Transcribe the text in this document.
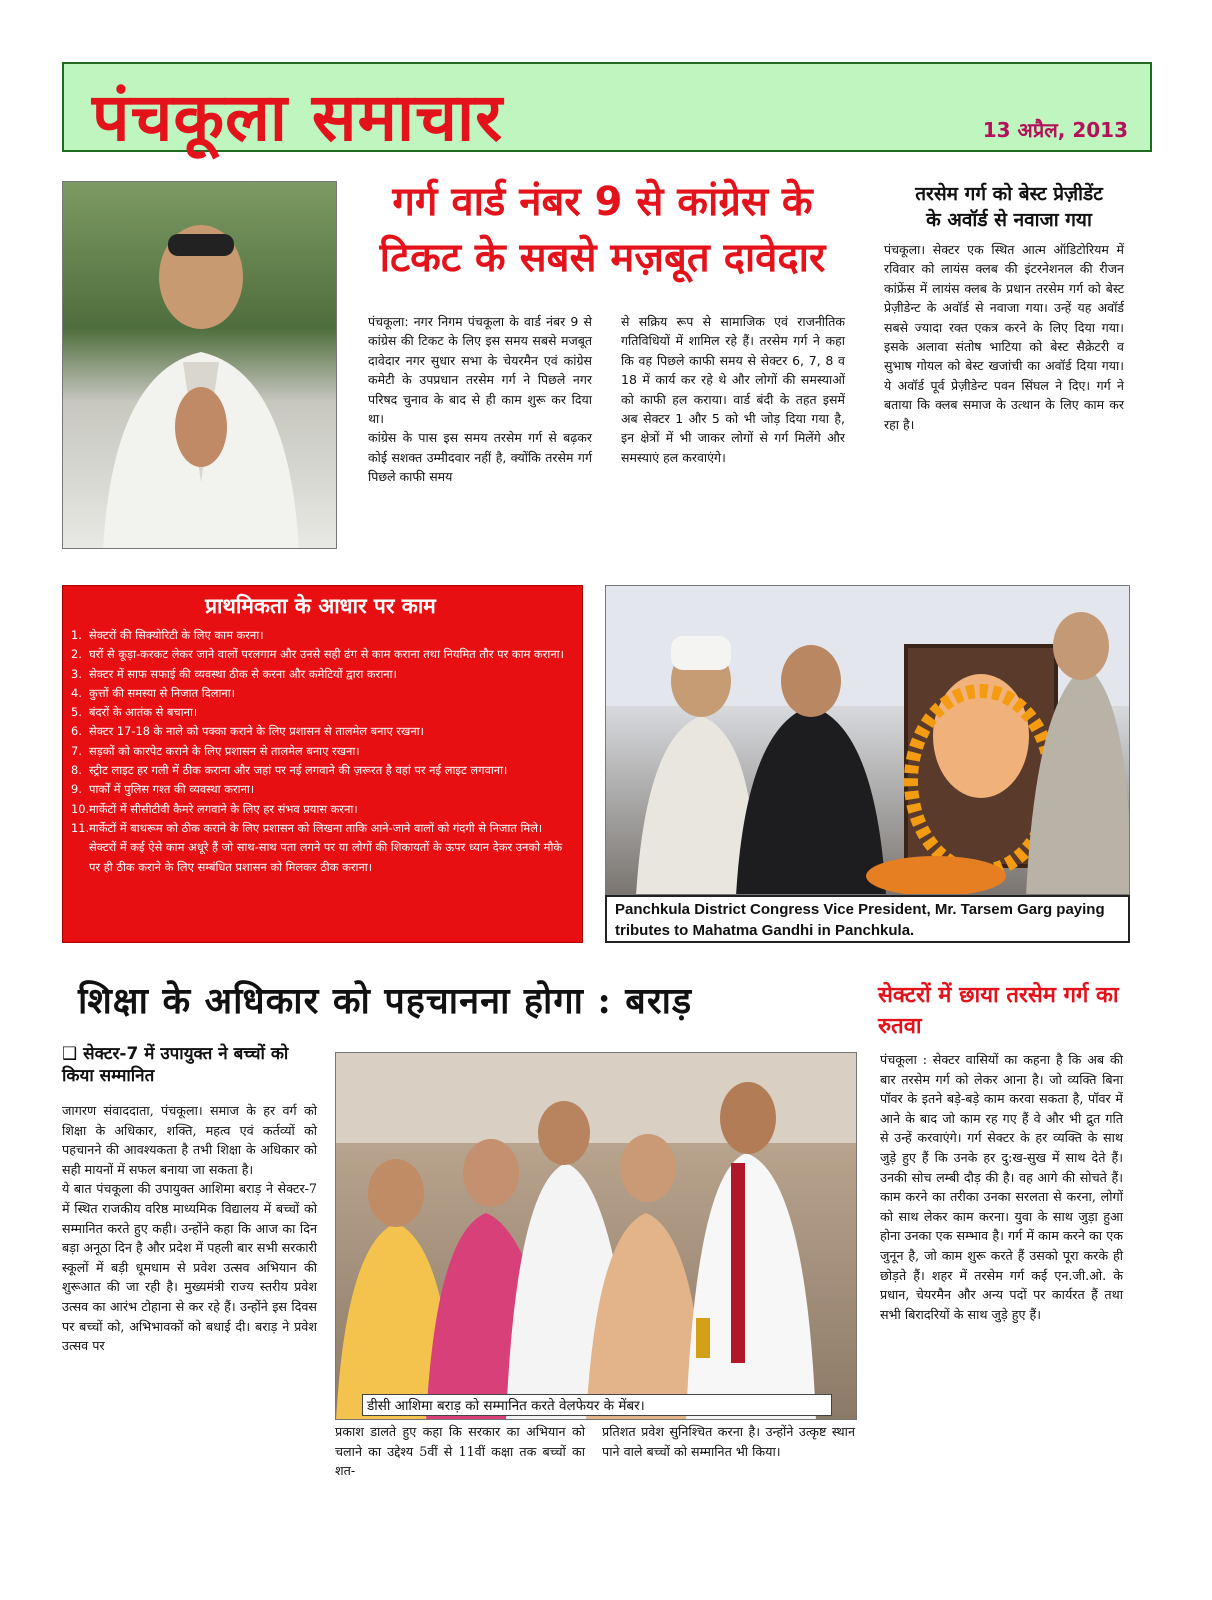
पंचकूला समाचार	13 अप्रैल, 2013
गर्ग वार्ड नंबर 9 से कांग्रेस के
टिकट के सबसे मज़बूत दावेदार

पंचकूला: नगर निगम पंचकूला के वार्ड नंबर 9 से कांग्रेस की टिकट के लिए इस समय सबसे मजबूत दावेदार नगर सुधार सभा के चेयरमैन एवं कांग्रेस कमेटी के उपप्रधान तरसेम गर्ग ने पिछले नगर परिषद चुनाव के बाद से ही काम शुरू कर दिया था।

कांग्रेस के पास इस समय तरसेम गर्ग से बढ़कर कोई सशक्त उम्मीदवार नहीं है, क्योंकि तरसेम गर्ग पिछले काफी समय

से सक्रिय रूप से सामाजिक एवं राजनीतिक गतिविधियों में शामिल रहे हैं। तरसेम गर्ग ने कहा कि वह पिछले काफी समय से सेक्टर 6, 7, 8 व 18 में कार्य कर रहे थे और लोगों की समस्याओं को काफी हल कराया। वार्ड बंदी के तहत इसमें अब सेक्टर 1 और 5 को भी जोड़ दिया गया है, इन क्षेत्रों में भी जाकर लोगों से गर्ग मिलेंगे और समस्याएं हल करवाएंगे।

तरसेम गर्ग को बेस्ट प्रेज़ीडेंट
के अवॉर्ड से नवाजा गया

पंचकूला। सेक्टर एक स्थित आत्म ऑडिटोरियम में रविवार को लायंस क्लब की इंटरनेशनल की रीजन कांफ्रेंस में लायंस क्लब के प्रधान तरसेम गर्ग को बेस्ट प्रेज़ीडेन्ट के अवॉर्ड से नवाजा गया। उन्हें यह अवॉर्ड सबसे ज्यादा रक्त एकत्र करने के लिए दिया गया। इसके अलावा संतोष भाटिया को बेस्ट सैक्रेटरी व सुभाष गोयल को बेस्ट खजांची का अवॉर्ड दिया गया। ये अवॉर्ड पूर्व प्रेज़ीडेन्ट पवन सिंघल ने दिए। गर्ग ने बताया कि क्लब समाज के उत्थान के लिए काम कर रहा है।

प्राथमिकता के आधार पर काम
1. सेक्टरों की सिक्योरिटी के लिए काम करना।
2. घरों से कूड़ा-करकट लेकर जाने वालों परलगाम और उनसे सही ढंग से काम कराना तथा नियमित तौर पर काम कराना।
3. सेक्टर में साफ सफाई की व्यवस्था ठीक से करना और कमेटियों द्वारा कराना।
4. कुत्तों की समस्या से निजात दिलाना।
5. बंदरों के आतंक से बचाना।
6. सेक्टर 17-18 के नाले को पक्का कराने के लिए प्रशासन से तालमेल बनाए रखना।
7. सड़कों को कारपेट कराने के लिए प्रशासन से तालमेल बनाए रखना।
8. स्ट्रीट लाइट हर गली में ठीक कराना और जहां पर नई लगवाने की ज़रूरत है वहां पर नई लाइट लगवाना।
9. पार्कों में पुलिस गश्त की व्यवस्था कराना।
10. मार्केटों में सीसीटीवी कैमरे लगवाने के लिए हर संभव प्रयास करना।
11. मार्केटों में बाथरूम को ठीक कराने के लिए प्रशासन को लिखना ताकि आने-जाने वालों को गंदगी से निजात मिले।
सेक्टरों में कई ऐसे काम अधूरे हैं जो साथ-साथ पता लगने पर या लोगों की शिकायतों के ऊपर ध्यान देकर उनको मौके पर ही ठीक कराने के लिए सम्बंधित प्रशासन को मिलकर ठीक कराना।
Panchkula District Congress Vice President, Mr. Tarsem Garg paying tributes to Mahatma Gandhi in Panchkula.
शिक्षा के अधिकार को पहचानना होगा : बराड़
❑ सेक्टर-7 में उपायुक्त ने बच्चों को किया सम्मानित

जागरण संवाददाता, पंचकूला। समाज के हर वर्ग को शिक्षा के अधिकार, शक्ति, महत्व एवं कर्तव्यों को पहचानने की आवश्यकता है तभी शिक्षा के अधिकार को सही मायनों में सफल बनाया जा सकता है।

ये बात पंचकूला की उपायुक्त आशिमा बराड़ ने सेक्टर-7 में स्थित राजकीय वरिष्ठ माध्यमिक विद्यालय में बच्चों को सम्मानित करते हुए कही। उन्होंने कहा कि आज का दिन बड़ा अनूठा दिन है और प्रदेश में पहली बार सभी सरकारी स्कूलों में बड़ी धूमधाम से प्रवेश उत्सव अभियान की शुरूआत की जा रही है। मुख्यमंत्री राज्य स्तरीय प्रवेश उत्सव का आरंभ टोहाना से कर रहे हैं। उन्होंने इस दिवस पर बच्चों को, अभिभावकों को बधाई दी। बराड़ ने प्रवेश उत्सव पर

डीसी आशिमा बराड़ को सम्मानित करते वेलफेयर के मेंबर।

प्रकाश डालते हुए कहा कि सरकार का अभियान को चलाने का उद्देश्य 5वीं से 11वीं कक्षा तक बच्चों का शत-

प्रतिशत प्रवेश सुनिश्चित करना है। उन्होंने उत्कृष्ट स्थान पाने वाले बच्चों को सम्मानित भी किया।

सेक्टरों में छाया तरसेम गर्ग का रुतवा

पंचकूला : सेक्टर वासियों का कहना है कि अब की बार तरसेम गर्ग को लेकर आना है। जो व्यक्ति बिना पॉवर के इतने बड़े-बड़े काम करवा सकता है, पॉवर में आने के बाद जो काम रह गए हैं वे और भी द्रुत गति से उन्हें करवाएंगे। गर्ग सेक्टर के हर व्यक्ति के साथ जुड़े हुए हैं कि उनके हर दु:ख-सुख में साथ देते हैं। उनकी सोच लम्बी दौड़ की है। वह आगे की सोचते हैं। काम करने का तरीका उनका सरलता से करना, लोगों को साथ लेकर काम करना। युवा के साथ जुड़ा हुआ होना उनका एक सम्भाव है। गर्ग में काम करने का एक जुनून है, जो काम शुरू करते हैं उसको पूरा करके ही छोड़ते हैं। शहर में तरसेम गर्ग कई एन.जी.ओ. के प्रधान, चेयरमैन और अन्य पदों पर कार्यरत हैं तथा सभी बिरादरियों के साथ जुड़े हुए हैं।
